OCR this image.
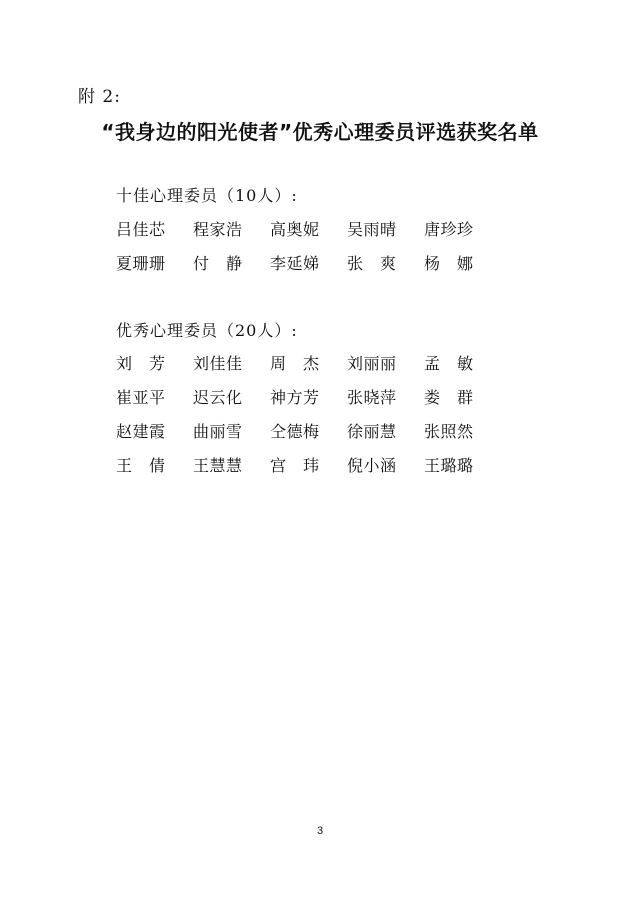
附 2:
“我身边的阳光使者”优秀心理委员评选获奖名单
十佳心理委员（10人）:
吕佳芯	程家浩	高奥妮	吴雨晴	唐珍珍
夏珊珊	付　静	李延娣	张　爽	杨　娜
优秀心理委员（20人）:
刘　芳	刘佳佳	周　杰	刘丽丽	孟　敏
崔亚平	迟云化	神方芳	张晓萍	娄　群
赵建霞	曲丽雪	仝德梅	徐丽慧	张照然
王　倩	王慧慧	宫　玮	倪小涵	王璐璐
3
